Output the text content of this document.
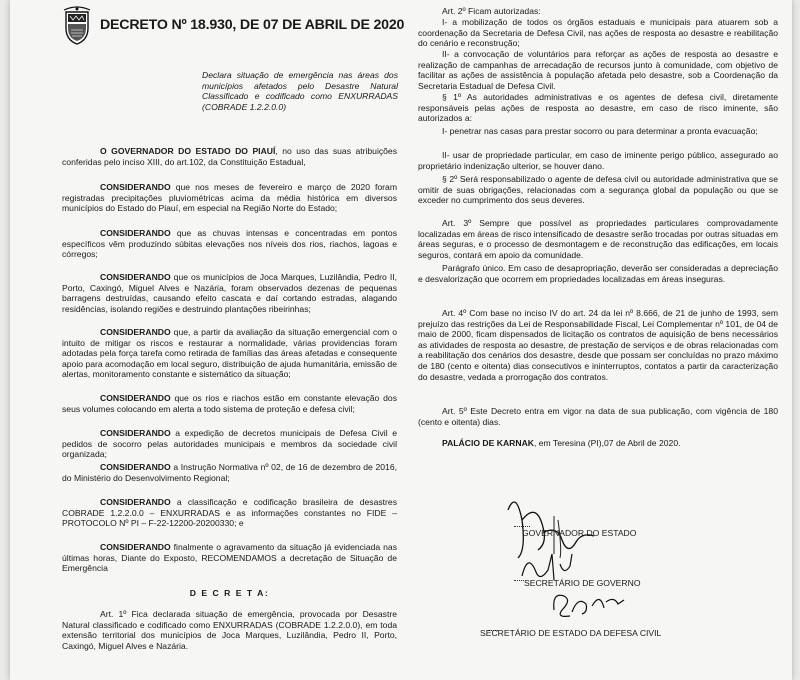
DECRETO Nº 18.930, DE 07 DE ABRIL DE 2020

Declara situação de emergência nas áreas dos municípios afetados pelo Desastre Natural Classificado e codificado como ENXURRADAS (COBRADE 1.2.2.0.0)

O GOVERNADOR DO ESTADO DO PIAUÍ, no uso das suas atribuições conferidas pelo inciso XIII, do art.102, da Constituição Estadual,

CONSIDERANDO que nos meses de fevereiro e março de 2020 foram registradas precipitações pluviométricas acima da média histórica em diversos municípios do Estado do Piauí, em especial na Região Norte do Estado;

CONSIDERANDO que as chuvas intensas e concentradas em pontos específicos vêm produzindo súbitas elevações nos níveis dos rios, riachos, lagoas e córregos;

CONSIDERANDO que os municípios de Joca Marques, Luzilândia, Pedro II, Porto, Caxingó, Miguel Alves e Nazária, foram observados dezenas de pequenas barragens destruídas, causando efeito cascata e daí cortando estradas, alagando residências, isolando regiões e destruindo plantações ribeirinhas;

CONSIDERANDO que, a partir da avaliação da situação emergencial com o intuito de mitigar os riscos e restaurar a normalidade, várias providencias foram adotadas pela força tarefa como retirada de famílias das áreas afetadas e consequente apoio para acomodação em local seguro, distribuição de ajuda humanitária, emissão de alertas, monitoramento constante e sistemático da situação;

CONSIDERANDO que os rios e riachos estão em constante elevação dos seus volumes colocando em alerta a todo sistema de proteção e defesa civil;

CONSIDERANDO a expedição de decretos municipais de Defesa Civil e pedidos de socorro pelas autoridades municipais e membros da sociedade civil organizada;

CONSIDERANDO a Instrução Normativa nº 02, de 16 de dezembro de 2016, do Ministério do Desenvolvimento Regional;

CONSIDERANDO a classificação e codificação brasileira de desastres COBRADE 1.2.2.0.0 – ENXURRADAS e as informações constantes no FIDE – PROTOCOLO Nº PI – F-22-12200-20200330; e

CONSIDERANDO finalmente o agravamento da situação já evidenciada nas últimas horas, Diante do Exposto, RECOMENDAMOS a decretação de Situação de Emergência

D E C R E T A:

Art. 1º Fica declarada situação de emergência, provocada por Desastre Natural classificado e codificado como ENXURRADAS (COBRADE 1.2.2.0.0), em toda extensão territorial dos municípios de Joca Marques, Luzilândia, Pedro II, Porto, Caxingó, Miguel Alves e Nazária.

Art. 2º Ficam autorizadas:

I- a mobilização de todos os órgãos estaduais e municipais para atuarem sob a coordenação da Secretaria de Defesa Civil, nas ações de resposta ao desastre e reabilitação do cenário e reconstrução;

II- a convocação de voluntários para reforçar as ações de resposta ao desastre e realização de campanhas de arrecadação de recursos junto à comunidade, com objetivo de facilitar as ações de assistência à população afetada pelo desastre, sob a Coordenação da Secretaria Estadual de Defesa Civil.

§ 1º As autoridades administrativas e os agentes de defesa civil, diretamente responsáveis pelas ações de resposta ao desastre, em caso de risco iminente, são autorizados a:

I- penetrar nas casas para prestar socorro ou para determinar a pronta evacuação;

II- usar de propriedade particular, em caso de iminente perigo público, assegurado ao proprietário indenização ulterior, se houver dano.

§ 2º Será responsabilizado o agente de defesa civil ou autoridade administrativa que se omitir de suas obrigações, relacionadas com a segurança global da população ou que se exceder no cumprimento dos seus deveres.

Art. 3º Sempre que possível as propriedades particulares comprovadamente localizadas em áreas de risco intensificado de desastre serão trocadas por outras situadas em áreas seguras, e o processo de desmontagem e de reconstrução das edificações, em locais seguros, contará em apoio da comunidade.

Parágrafo único. Em caso de desapropriação, deverão ser consideradas a depreciação e desvalorização que ocorrem em propriedades localizadas em áreas inseguras.

Art. 4º Com base no inciso IV do art. 24 da lei nº 8.666, de 21 de junho de 1993, sem prejuízo das restrições da Lei de Responsabilidade Fiscal, Lei Complementar nº 101, de 04 de maio de 2000, ficam dispensados de licitação os contratos de aquisição de bens necessários as atividades de resposta ao desastre, de prestação de serviços e de obras relacionadas com a reabilitação dos cenários dos desastre, desde que possam ser concluídas no prazo máximo de 180 (cento e oitenta) dias consecutivos e ininterruptos, contatos a partir da caracterização do desastre, vedada a prorrogação dos contratos.

Art. 5º Este Decreto entra em vigor na data de sua publicação, com vigência de 180 (cento e oitenta) dias.

PALÁCIO DE KARNAK, em Teresina (PI),07 de Abril de 2020.

GOVERNADOR DO ESTADO
SECRETÁRIO DE GOVERNO
SECRETÁRIO DE ESTADO DA DEFESA CIVIL
